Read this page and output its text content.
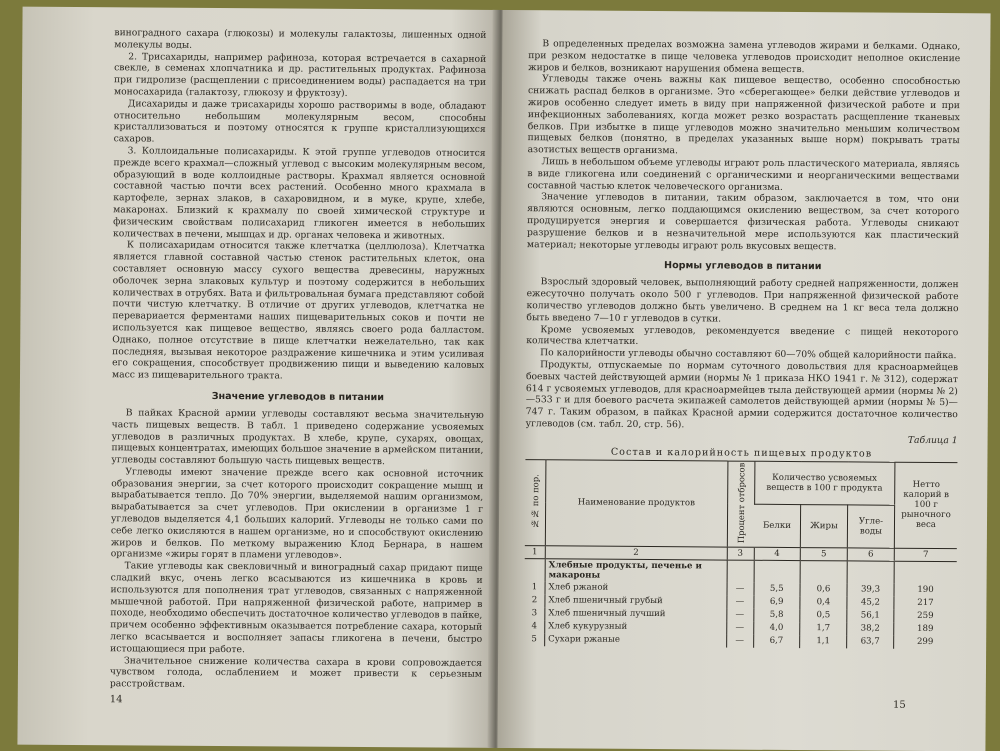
виноградного сахара (глюкозы) и молекулы галактозы, лишенных одной молекулы воды.

2. Трисахариды, например рафиноза, которая встречается в сахарной свекле, в семенах хлопчатника и др. растительных продуктах. Рафиноза при гидролизе (расщеплении с присоединением воды) распадается на три моносахарида (галактозу, глюкозу и фруктозу).

Дисахариды и даже трисахариды хорошо растворимы в воде, обладают относительно небольшим молекулярным весом, способны кристаллизоваться и поэтому относятся к группе кристаллизующихся сахаров.

3. Коллоидальные полисахариды. К этой группе углеводов относится прежде всего крахмал—сложный углевод с высоким молекулярным весом, образующий в воде коллоидные растворы. Крахмал является основной составной частью почти всех растений. Особенно много крахмала в картофеле, зернах злаков, в сахаровидном, и в муке, крупе, хлебе, макаронах. Близкий к крахмалу по своей химической структуре и физическим свойствам полисахарид гликоген имеется в небольших количествах в печени, мышцах и др. органах человека и животных.

К полисахаридам относится также клетчатка (целлюлоза). Клетчатка является главной составной частью стенок растительных клеток, она составляет основную массу сухого вещества древесины, наружных оболочек зерна злаковых культур и поэтому содержится в небольших количествах в отрубях. Вата и фильтровальная бумага представляют собой почти чистую клетчатку. В отличие от других углеводов, клетчатка не перевариается ферментами наших пищеварительных соков и почти не используется как пищевое вещество, являясь своего рода балластом. Однако, полное отсутствие в пище клетчатки нежелательно, так как последняя, вызывая некоторое раздражение кишечника и этим усиливая его сокращения, способствует продвижению пищи и выведению каловых масс из пищеварительного тракта.

Значение углеводов в питании

В пайках Красной армии углеводы составляют весьма значительную часть пищевых веществ. В табл. 1 приведено содержание усвояемых углеводов в различных продуктах. В хлебе, крупе, сухарях, овощах, пищевых концентратах, имеющих большое значение в армейском питании, углеводы составляют большую часть пищевых веществ.

Углеводы имеют значение прежде всего как основной источник образования энергии, за счет которого происходит сокращение мышц и вырабатывается тепло. До 70% энергии, выделяемой нашим организмом, вырабатывается за счет углеводов. При окислении в организме 1 г углеводов выделяется 4,1 больших калорий. Углеводы не только сами по себе легко окисляются в нашем организме, но и способствуют окислению жиров и белков. По меткому выражению Клод Бернара, в нашем организме «жиры горят в пламени углеводов».

Такие углеводы как свекловичный и виноградный сахар придают пище сладкий вкус, очень легко всасываются из кишечника в кровь и используются для пополнения трат углеводов, связанных с напряженной мышечной работой. При напряженной физической работе, например в походе, необходимо обеспечить достаточное количество углеводов в пайке, причем особенно эффективным оказывается потребление сахара, который легко всасывается и восполняет запасы гликогена в печени, быстро истощающиеся при работе.

Значительное снижение количества сахара в крови сопровождается чувством голода, ослаблением и может привести к серьезным расстройствам.

14

В определенных пределах возможна замена углеводов жирами и белками. Однако, при резком недостатке в пище человека углеводов происходит неполное окисление жиров и белков, возникают нарушения обмена веществ.

Углеводы также очень важны как пищевое вещество, особенно способностью снижать распад белков в организме. Это «сберегающее» белки действие углеводов и жиров особенно следует иметь в виду при напряженной физической работе и при инфекционных заболеваниях, когда может резко возрастать расщепление тканевых белков. При избытке в пище углеводов можно значительно меньшим количеством пищевых белков (понятно, в пределах указанных выше норм) покрывать траты азотистых веществ организма.

Лишь в небольшом объеме углеводы играют роль пластического материала, являясь в виде гликогена или соединений с органическими и неорганическими веществами составной частью клеток человеческого организма.

Значение углеводов в питании, таким образом, заключается в том, что они являются основным, легко поддающимся окислению веществом, за счет которого продуцируется энергия и совершается физическая работа. Углеводы сникают разрушение белков и в незначительной мере используются как пластический материал; некоторые углеводы играют роль вкусовых веществ.

Нормы углеводов в питании

Взрослый здоровый человек, выполняющий работу средней напряженности, должен ежесуточно получать около 500 г углеводов. При напряженной физической работе количество углеводов должно быть увеличено. В среднем на 1 кг веса тела должно быть введено 7—10 г углеводов в сутки.

Кроме усвояемых углеводов, рекомендуется введение с пищей некоторого количества клетчатки.

По калорийности углеводы обычно составляют 60—70% общей калорийности пайка.

Продукты, отпускаемые по нормам суточного довольствия для красноармейцев боевых частей действующей армии (нормы № 1 приказа НКО 1941 г. № 312), содержат 614 г усвояемых углеводов, для красноармейцев тыла действующей армии (нормы № 2)—533 г и для боевого расчета экипажей самолетов действующей армии (нормы № 5)—747 г. Таким образом, в пайках Красной армии содержится достаточное количество углеводов (см. табл. 20, стр. 56).

Таблица 1
Состав и калорийность пищевых продуктов
№№ по пор.	Наименование продуктов	Процент отбросов	Количество усвояемых веществ в 100 г продукта			Нетто калорий в 100 г рыночного веса
			Белки	Жиры	Угле-воды	
1	2	3	4	5	6	7
	Хлебные продукты, печенье и макароны					
1	Хлеб ржаной	—	5,5	0,6	39,3	190
2	Хлеб пшеничный грубый	—	6,9	0,4	45,2	217
3	Хлеб пшеничный лучший	—	5,8	0,5	56,1	259
4	Хлеб кукурузный	—	4,0	1,7	38,2	189
5	Сухари ржаные	—	6,7	1,1	63,7	299
15
